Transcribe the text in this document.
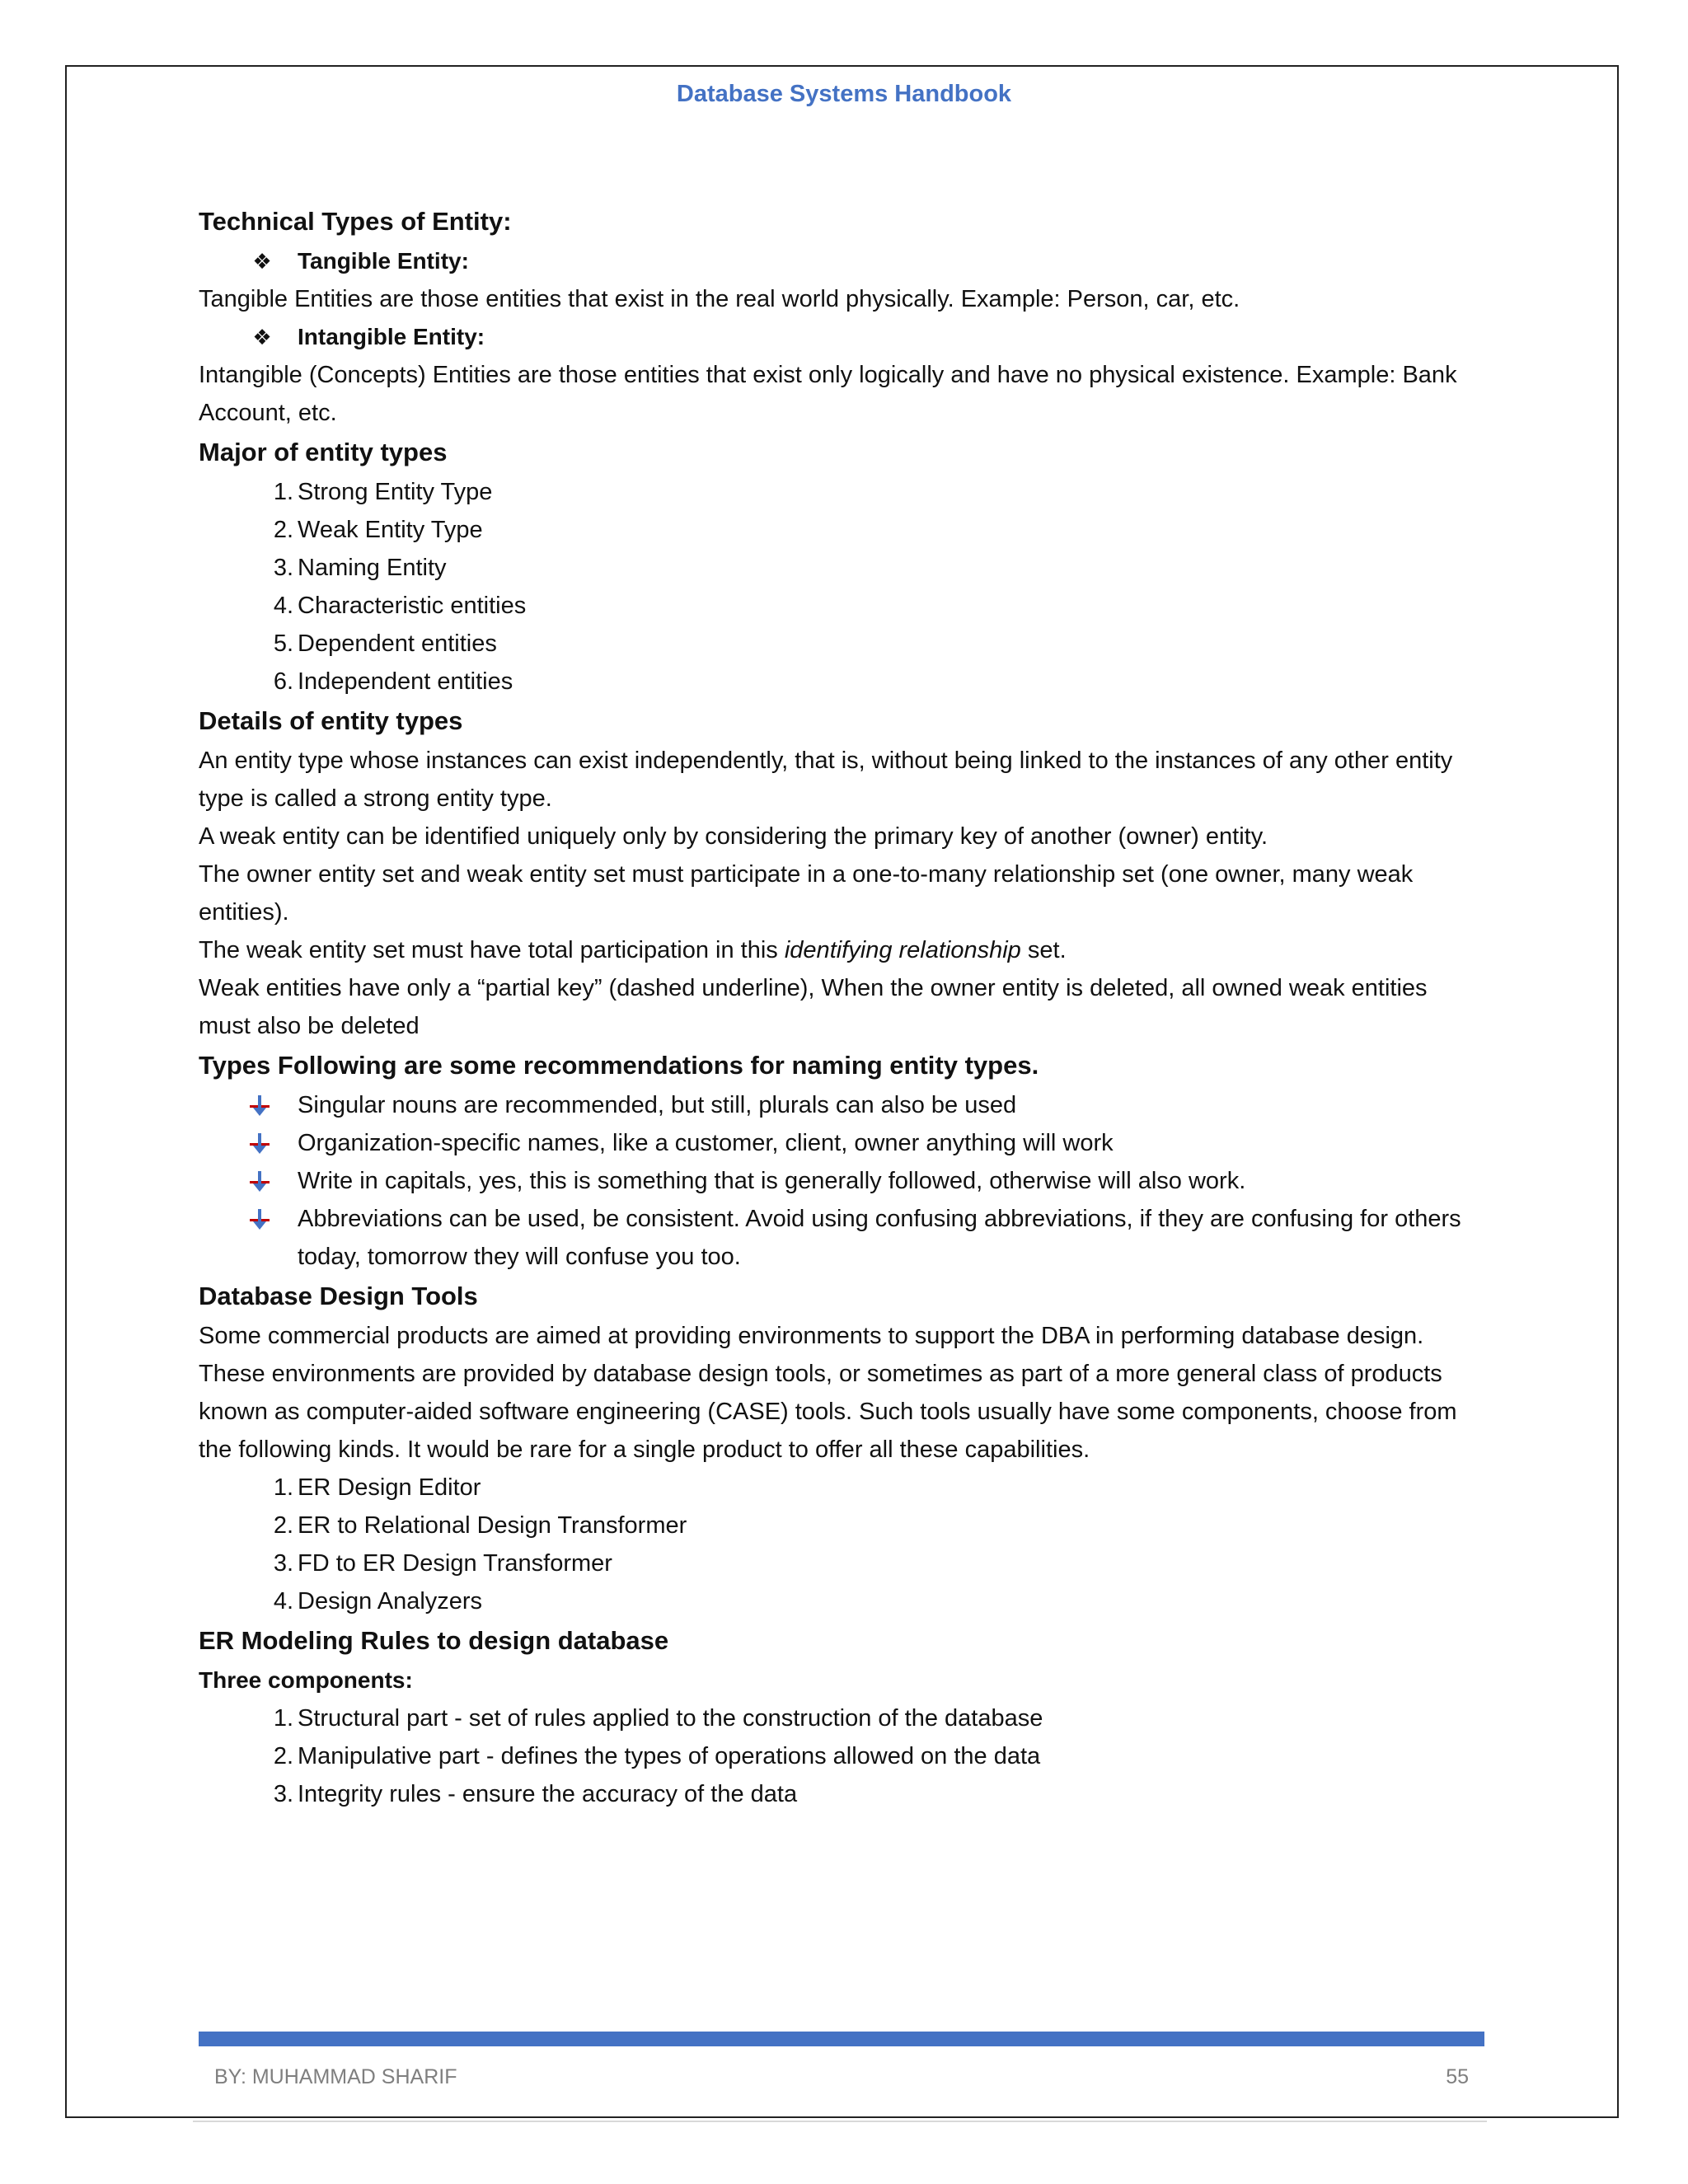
Database Systems Handbook
Technical Types of Entity:
❖ Tangible Entity:
Tangible Entities are those entities that exist in the real world physically. Example: Person, car, etc.
❖ Intangible Entity:
Intangible (Concepts) Entities are those entities that exist only logically and have no physical existence. Example: Bank Account, etc.
Major of entity types
1. Strong Entity Type
2. Weak Entity Type
3. Naming Entity
4. Characteristic entities
5. Dependent entities
6. Independent entities
Details of entity types
An entity type whose instances can exist independently, that is, without being linked to the instances of any other entity type is called a strong entity type.
A weak entity can be identified uniquely only by considering the primary key of another (owner) entity.
The owner entity set and weak entity set must participate in a one-to-many relationship set (one owner, many weak entities).
The weak entity set must have total participation in this identifying relationship set.
Weak entities have only a “partial key” (dashed underline), When the owner entity is deleted, all owned weak entities must also be deleted
Types Following are some recommendations for naming entity types.
Singular nouns are recommended, but still, plurals can also be used
Organization-specific names, like a customer, client, owner anything will work
Write in capitals, yes, this is something that is generally followed, otherwise will also work.
Abbreviations can be used, be consistent. Avoid using confusing abbreviations, if they are confusing for others today, tomorrow they will confuse you too.
Database Design Tools
Some commercial products are aimed at providing environments to support the DBA in performing database design. These environments are provided by database design tools, or sometimes as part of a more general class of products known as computer-aided software engineering (CASE) tools. Such tools usually have some components, choose from the following kinds. It would be rare for a single product to offer all these capabilities.
1. ER Design Editor
2. ER to Relational Design Transformer
3. FD to ER Design Transformer
4. Design Analyzers
ER Modeling Rules to design database
Three components:
1. Structural part - set of rules applied to the construction of the database
2. Manipulative part - defines the types of operations allowed on the data
3. Integrity rules - ensure the accuracy of the data
BY: MUHAMMAD SHARIF	55
